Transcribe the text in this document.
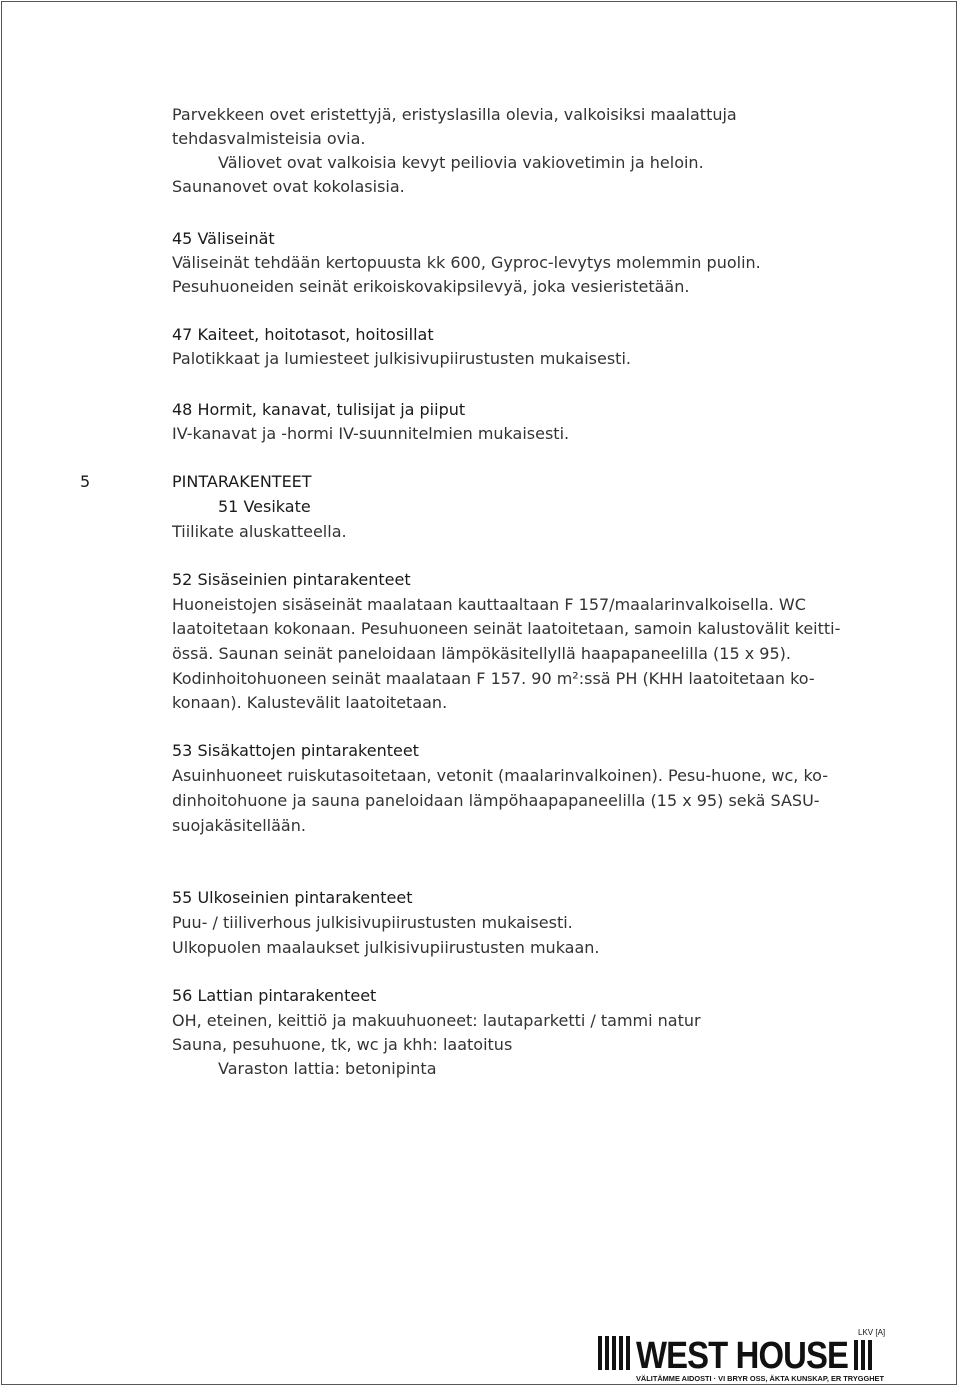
Parvekkeen ovet eristettyjä, eristyslasilla olevia, valkoisiksi maalattuja
tehdasvalmisteisia ovia.
Väliovet ovat valkoisia kevyt peiliovia vakiovetimin ja heloin.
Saunanovet ovat kokolasisia.
45 Väliseinät
Väliseinät tehdään kertopuusta kk 600, Gyproc-levytys molemmin puolin.
Pesuhuoneiden seinät erikoiskovakipsilevyä, joka vesieristetään.
47 Kaiteet, hoitotasot, hoitosillat
Palotikkaat ja lumiesteet julkisivupiirustusten mukaisesti.
48 Hormit, kanavat, tulisijat ja piiput
IV-kanavat ja -hormi IV-suunnitelmien mukaisesti.
5	PINTARAKENTEET
51 Vesikate
Tiilikate aluskatteella.
52 Sisäseinien pintarakenteet
Huoneistojen sisäseinät maalataan kauttaaltaan F 157/maalarinvalkoisella. WC
laatoitetaan kokonaan. Pesuhuoneen seinät laatoitetaan, samoin kalustovälit keitti-
össä. Saunan seinät paneloidaan lämpökäsitellyllä haapapaneelilla (15 x 95).
Kodinhoitohuoneen seinät maalataan F 157. 90 m²:ssä PH (KHH laatoitetaan ko-
konaan). Kalustevälit laatoitetaan.
53 Sisäkattojen pintarakenteet
Asuinhuoneet ruiskutasoitetaan, vetonit (maalarinvalkoinen). Pesu-huone, wc, ko-
dinhoitohuone ja sauna paneloidaan lämpöhaapapaneelilla (15 x 95) sekä SASU-
suojakäsitellään.
55 Ulkoseinien pintarakenteet
Puu- / tiiliverhous julkisivupiirustusten mukaisesti.
Ulkopuolen maalaukset julkisivupiirustusten mukaan.
56 Lattian pintarakenteet
OH, eteinen, keittiö ja makuuhuoneet: lautaparketti / tammi natur
Sauna, pesuhuone, tk, wc ja khh: laatoitus
Varaston lattia: betonipinta
WEST HOUSE
LKV [A]
VÄLITÄMME AIDOSTI · VI BRYR OSS, ÄKTA KUNSKAP, ER TRYGGHET
